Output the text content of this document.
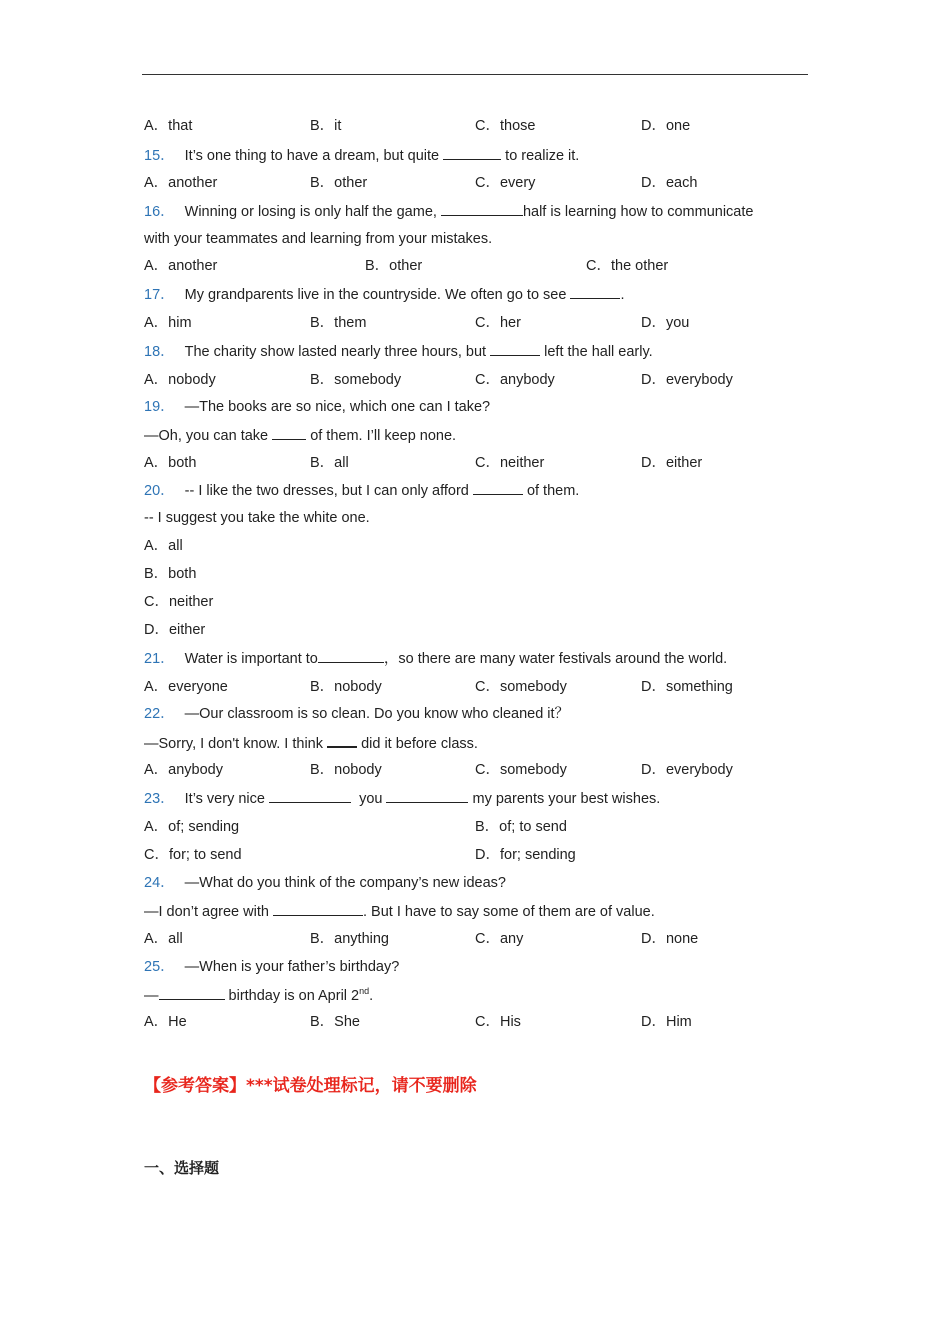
A．that	B．it	C．those	D．one
15． It’s one thing to have a dream, but quite	to realize it.
A．another	B．other	C．every	D．each
16． Winning or losing is only half the game,	half is learning how to communicate
with your teammates and learning from your mistakes.
A．another	B．other	C．the other
17． My grandparents live in the countryside. We often go to see	.
A．him	B．them	C．her	D．you
18． The charity show lasted nearly three hours, but	left the hall early.
A．nobody	B．somebody	C．anybody	D．everybody
19． —The books are so nice, which one can I take?
—Oh, you can take	of them. I’ll keep none.
A．both	B．all	C．neither	D．either
20． -- I like the two dresses, but I can only afford	of them.
-- I suggest you take the white one.
A．all
B．both
C．neither
D．either
21． Water is important to	，so there are many water festivals around the world.
A．everyone	B．nobody	C．somebody	D．something
22． —Our classroom is so clean. Do you know who cleaned it？
—Sorry, I don't know. I think	did it before class.
A．anybody	B．nobody	C．somebody	D．everybody
23． It’s very nice	you	my parents your best wishes.
A．of; sending	B．of; to send
C．for; to send	D．for; sending
24． —What do you think of the company’s new ideas?
—I don’t agree with	. But I have to say some of them are of value.
A．all	B．anything	C．any	D．none
25． —When is your father’s birthday?
—	birthday is on April 2nd.
A．He	B．She	C．His	D．Him
【参考答案】***试卷处理标记，请不要删除
一、选择题
